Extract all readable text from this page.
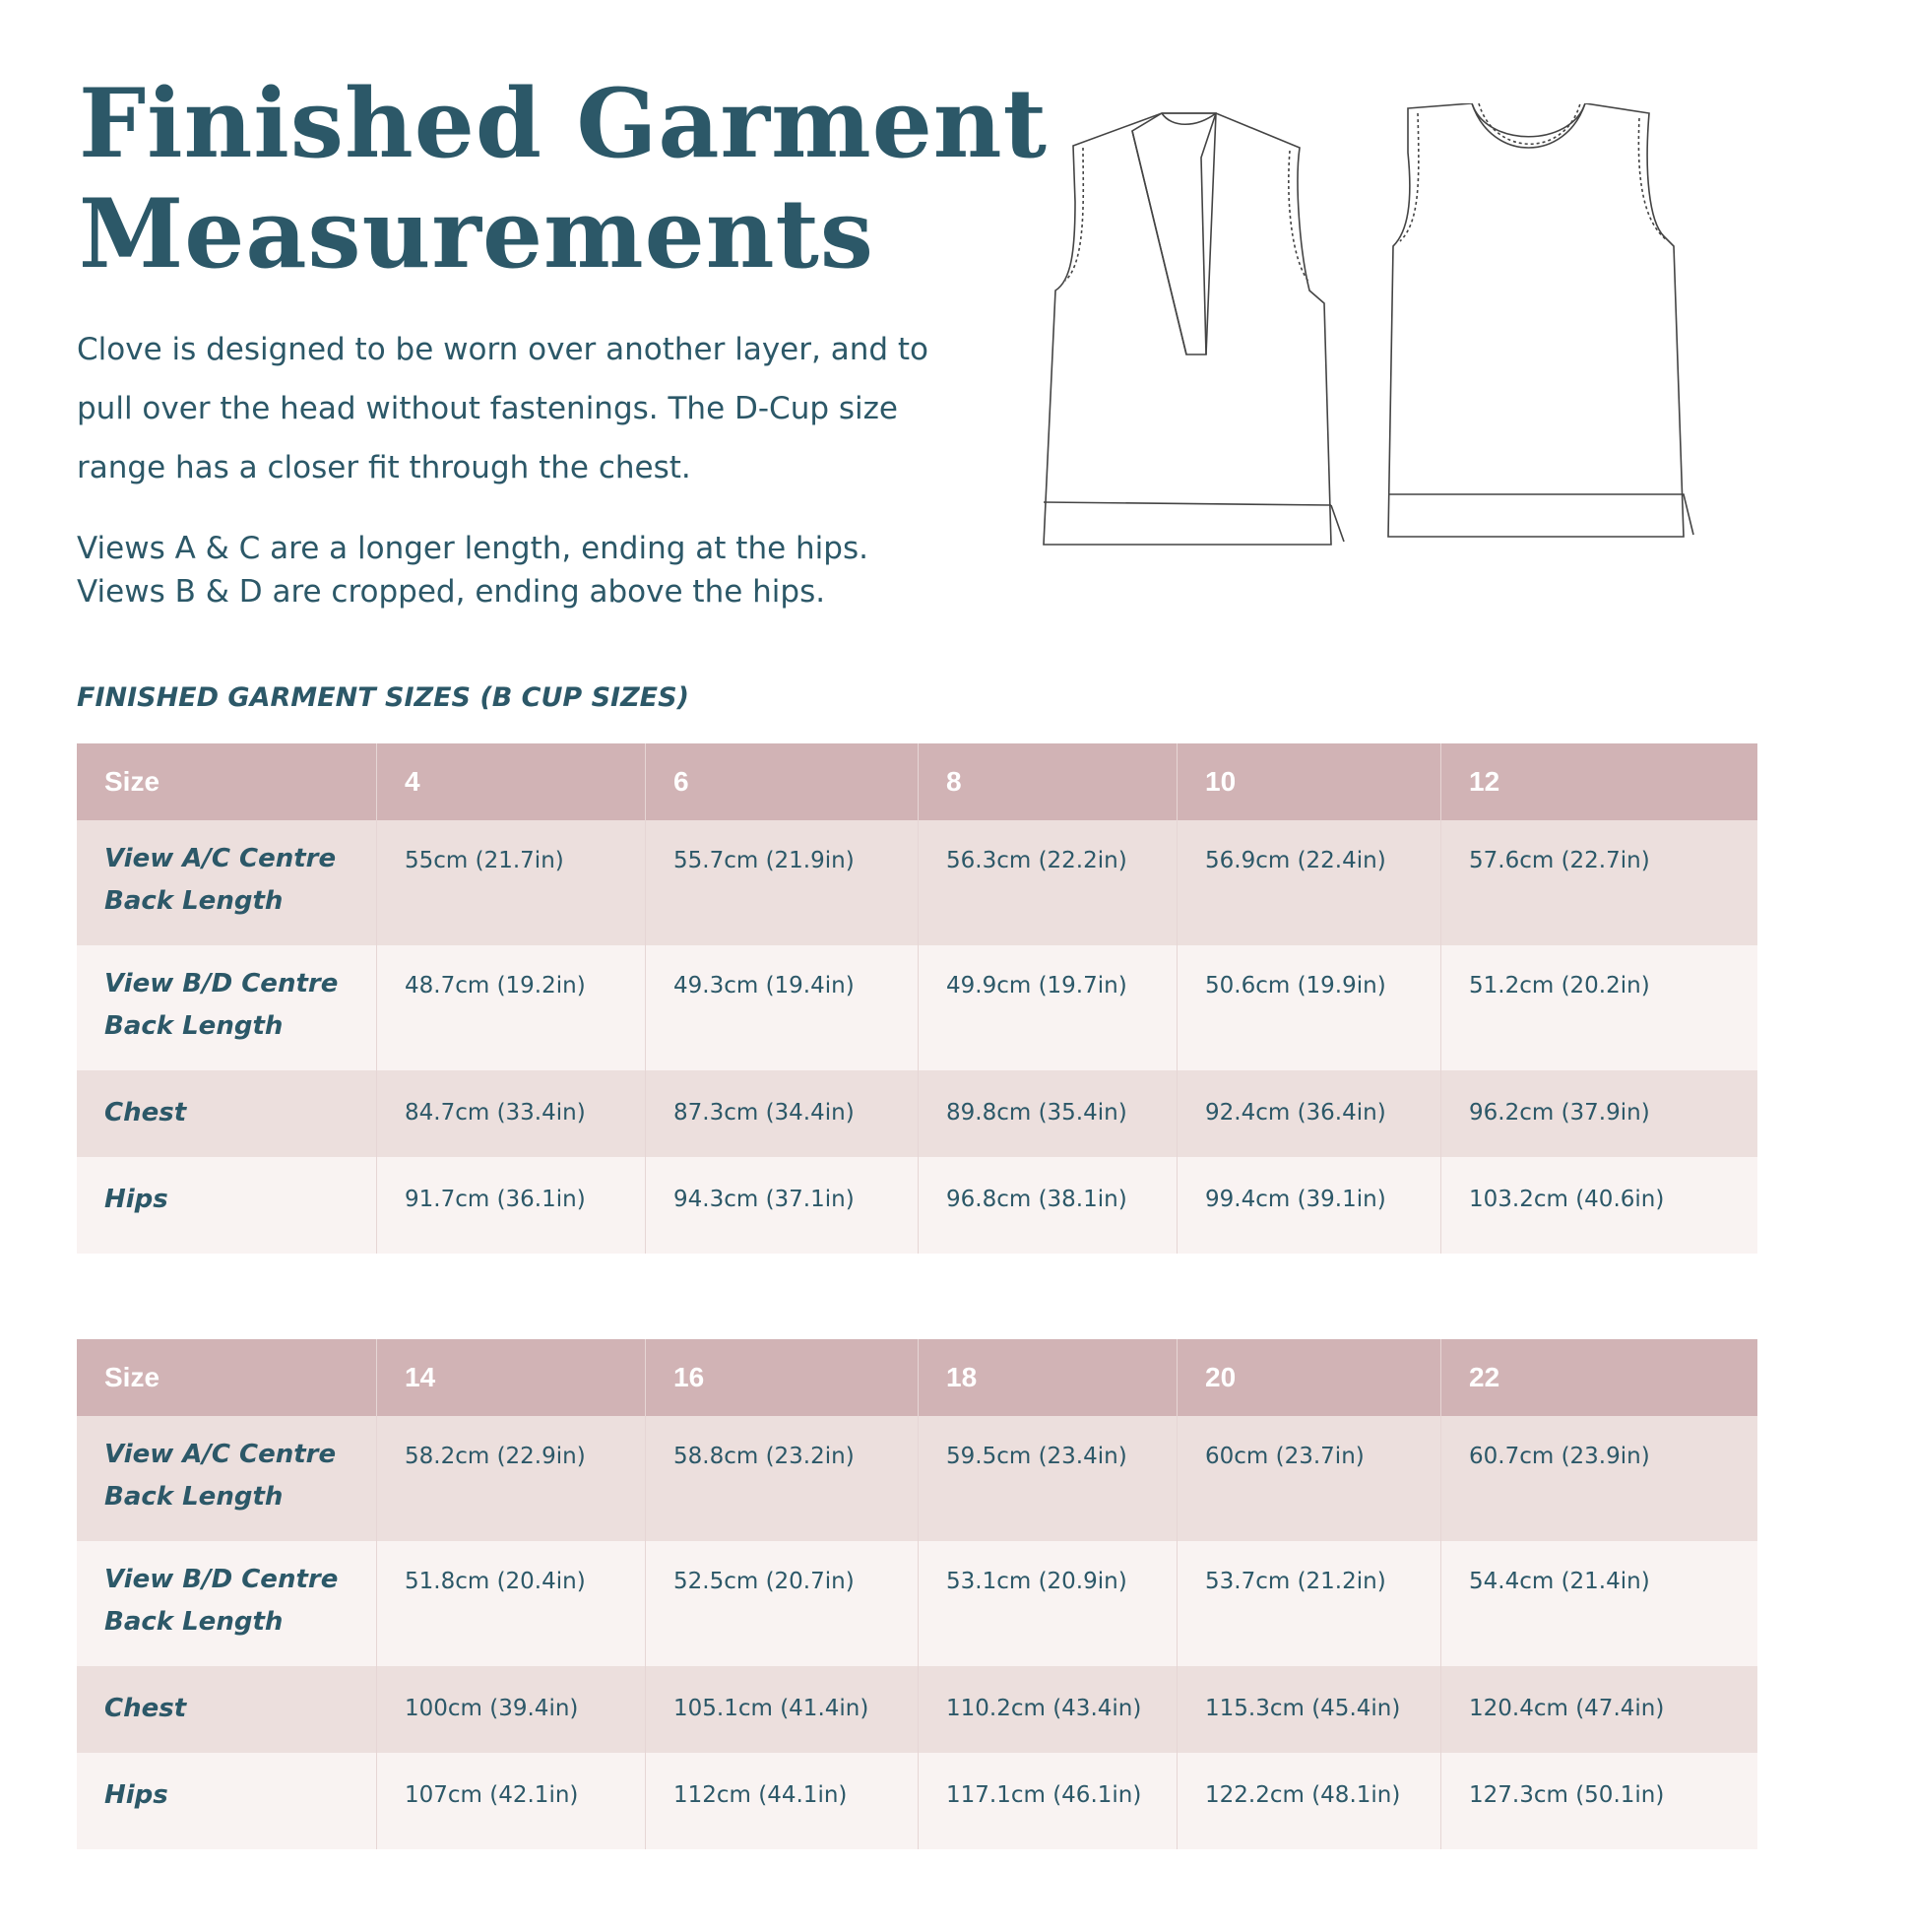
Finished Garment
Measurements

Clove is designed to be worn over another layer, and to pull over the head without fastenings. The D-Cup size range has a closer fit through the chest.

Views A & C are a longer length, ending at the hips.
Views B & D are cropped, ending above the hips.

FINISHED GARMENT SIZES (B CUP SIZES)
Size	4	6	8	10	12
View A/C Centre Back Length	55cm (21.7in)	55.7cm (21.9in)	56.3cm (22.2in)	56.9cm (22.4in)	57.6cm (22.7in)
View B/D Centre Back Length	48.7cm (19.2in)	49.3cm (19.4in)	49.9cm (19.7in)	50.6cm (19.9in)	51.2cm (20.2in)
Chest	84.7cm (33.4in)	87.3cm (34.4in)	89.8cm (35.4in)	92.4cm (36.4in)	96.2cm (37.9in)
Hips	91.7cm (36.1in)	94.3cm (37.1in)	96.8cm (38.1in)	99.4cm (39.1in)	103.2cm (40.6in)
Size	14	16	18	20	22
View A/C Centre Back Length	58.2cm (22.9in)	58.8cm (23.2in)	59.5cm (23.4in)	60cm (23.7in)	60.7cm (23.9in)
View B/D Centre Back Length	51.8cm (20.4in)	52.5cm (20.7in)	53.1cm (20.9in)	53.7cm (21.2in)	54.4cm (21.4in)
Chest	100cm (39.4in)	105.1cm (41.4in)	110.2cm (43.4in)	115.3cm (45.4in)	120.4cm (47.4in)
Hips	107cm (42.1in)	112cm (44.1in)	117.1cm (46.1in)	122.2cm (48.1in)	127.3cm (50.1in)
